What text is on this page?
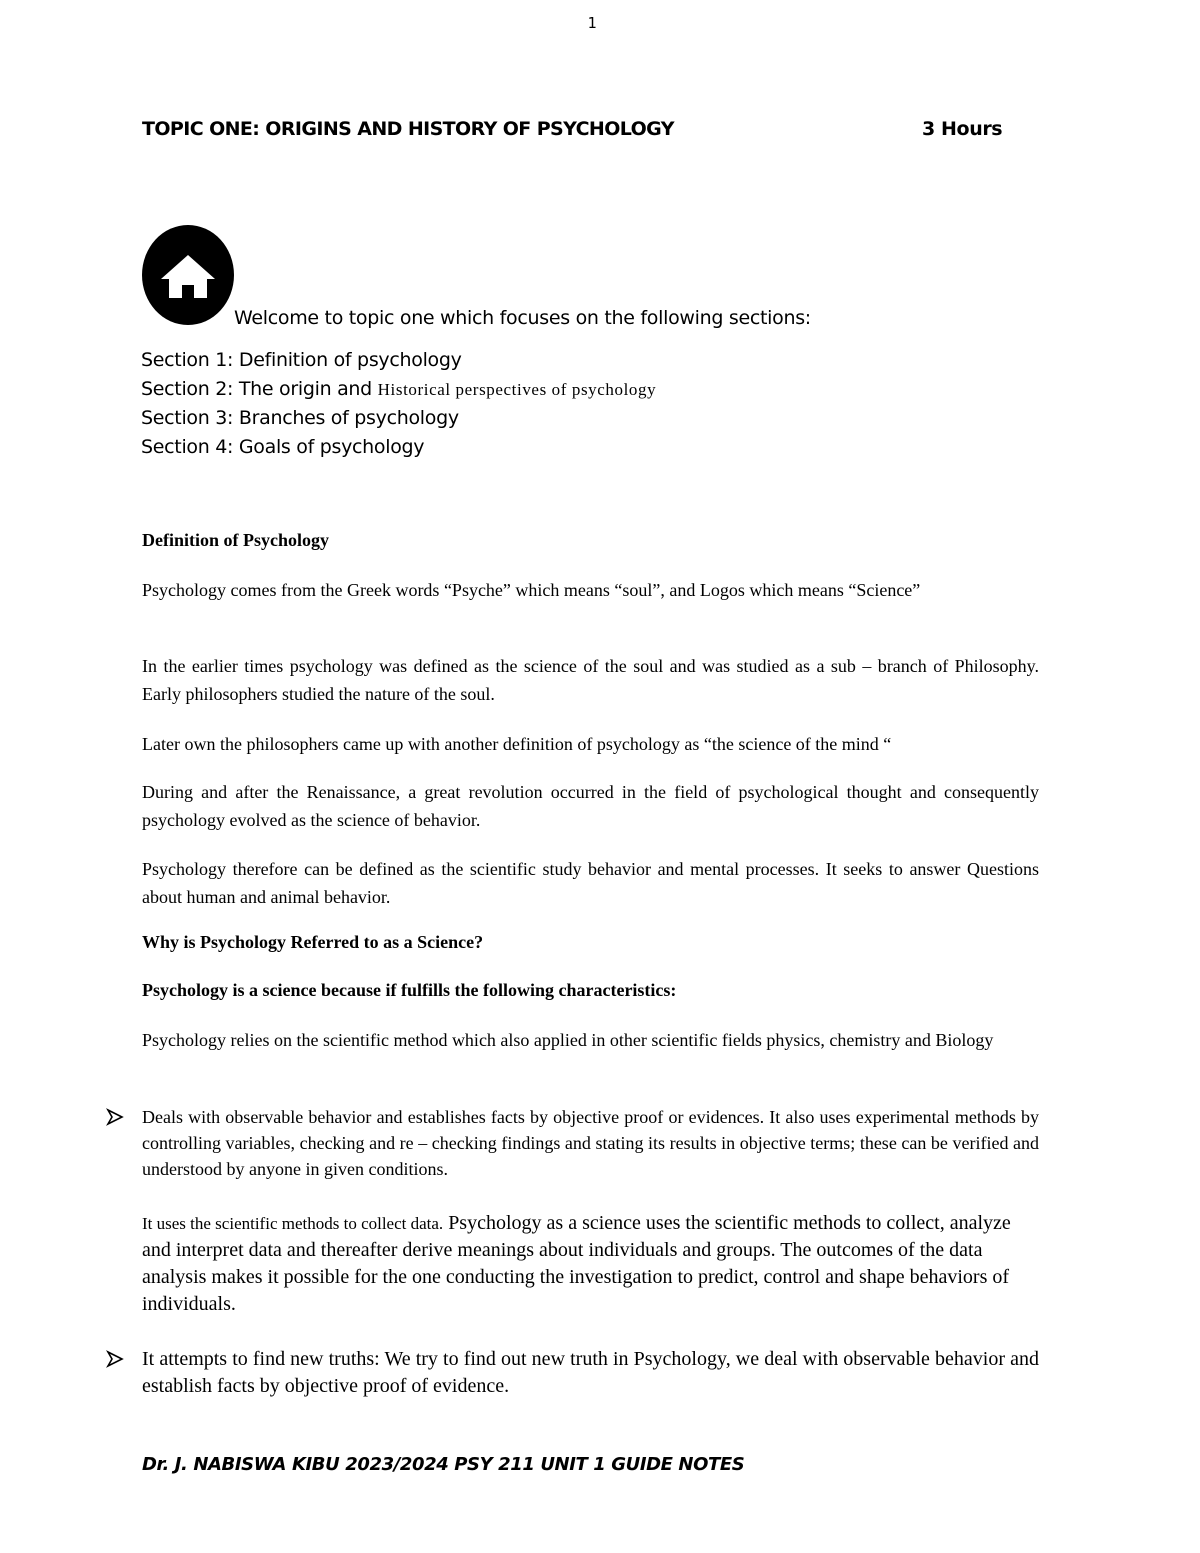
1
TOPIC ONE: ORIGINS AND HISTORY OF PSYCHOLOGY	3 Hours
Welcome to topic one which focuses on the following sections:
Section 1: Definition of psychology
Section 2: The origin and Historical perspectives of psychology
Section 3: Branches of psychology
Section 4: Goals of psychology
Definition of Psychology

Psychology comes from the Greek words “Psyche” which means “soul”, and Logos which means “Science”

In the earlier times psychology was defined as the science of the soul and was studied as a sub – branch of Philosophy. Early philosophers studied the nature of the soul.

Later own the philosophers came up with another definition of psychology as “the science of the mind “

During and after the Renaissance, a great revolution occurred in the field of psychological thought and consequently psychology evolved as the science of behavior.

Psychology therefore can be defined as the scientific study behavior and mental processes. It seeks to answer Questions about human and animal behavior.

Why is Psychology Referred to as a Science?
Psychology is a science because if fulfills the following characteristics:

Psychology relies on the scientific method which also applied in other scientific fields physics, chemistry and Biology

Deals with observable behavior and establishes facts by objective proof or evidences. It also uses experimental methods by controlling variables, checking and re – checking findings and stating its results in objective terms; these can be verified and understood by anyone in given conditions.

It uses the scientific methods to collect data. Psychology as a science uses the scientific methods to collect, analyze and interpret data and thereafter derive meanings about individuals and groups. The outcomes of the data analysis makes it possible for the one conducting the investigation to predict, control and shape behaviors of individuals.

It attempts to find new truths: We try to find out new truth in Psychology, we deal with observable behavior and establish facts by objective proof of evidence.

Dr. J. NABISWA KIBU 2023/2024 PSY 211 UNIT 1 GUIDE NOTES
